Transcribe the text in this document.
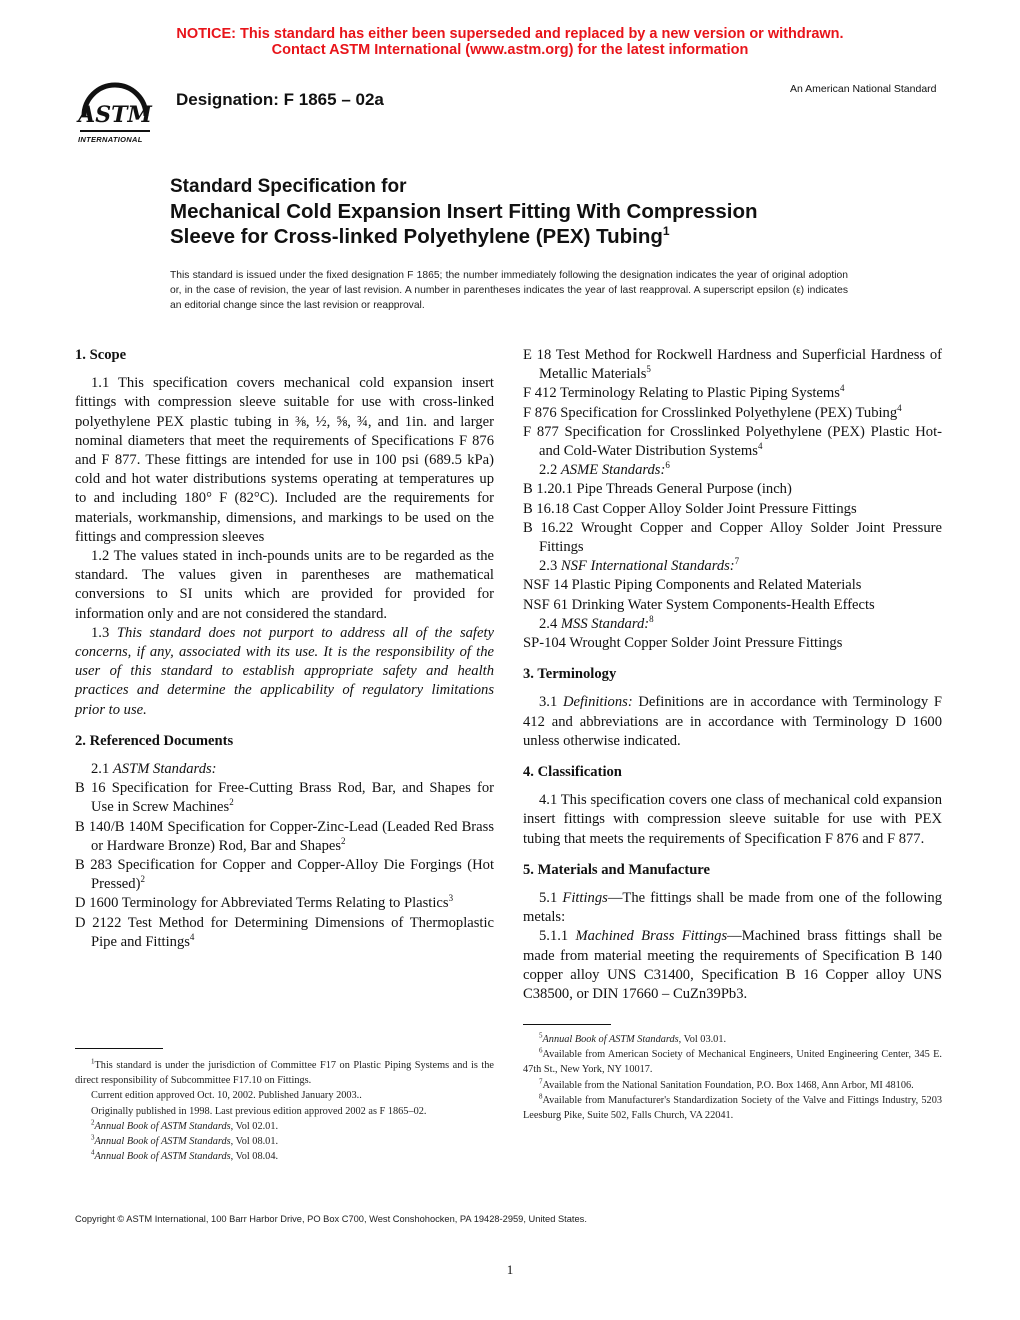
NOTICE: This standard has either been superseded and replaced by a new version or withdrawn.
Contact ASTM International (www.astm.org) for the latest information
ASTM
INTERNATIONAL
Designation: F 1865 – 02a
An American National Standard
Standard Specification for
Mechanical Cold Expansion Insert Fitting With Compression
Sleeve for Cross-linked Polyethylene (PEX) Tubing$^1$
This standard is issued under the fixed designation F 1865; the number immediately following the designation indicates the year of original adoption or, in the case of revision, the year of last revision. A number in parentheses indicates the year of last reapproval. A superscript epsilon (ε) indicates an editorial change since the last revision or reapproval.
1. Scope

1.1 This specification covers mechanical cold expansion insert fittings with compression sleeve suitable for use with cross-linked polyethylene PEX plastic tubing in ⅜, ½, ⅝, ¾, and 1in. and larger nominal diameters that meet the requirements of Specifications F 876 and F 877. These fittings are intended for use in 100 psi (689.5 kPa) cold and hot water distributions systems operating at temperatures up to and including 180° F (82°C). Included are the requirements for materials, workmanship, dimensions, and markings to be used on the fittings and compression sleeves

1.2 The values stated in inch-pounds units are to be regarded as the standard. The values given in parentheses are mathematical conversions to SI units which are provided for provided for information only and are not considered the standard.

1.3 This standard does not purport to address all of the safety concerns, if any, associated with its use. It is the responsibility of the user of this standard to establish appropriate safety and health practices and determine the applicability of regulatory limitations prior to use.

2. Referenced Documents
2.1 ASTM Standards:
B 16 Specification for Free-Cutting Brass Rod, Bar, and Shapes for Use in Screw Machines$^2$
B 140/B 140M Specification for Copper-Zinc-Lead (Leaded Red Brass or Hardware Bronze) Rod, Bar and Shapes$^2$
B 283 Specification for Copper and Copper-Alloy Die Forgings (Hot Pressed)$^2$
D 1600 Terminology for Abbreviated Terms Relating to Plastics$^3$
D 2122 Test Method for Determining Dimensions of Thermoplastic Pipe and Fittings$^4$
E 18 Test Method for Rockwell Hardness and Superficial Hardness of Metallic Materials$^5$
F 412 Terminology Relating to Plastic Piping Systems$^4$
F 876 Specification for Crosslinked Polyethylene (PEX) Tubing$^4$
F 877 Specification for Crosslinked Polyethylene (PEX) Plastic Hot- and Cold-Water Distribution Systems$^4$
2.2 ASME Standards:$^6$
B 1.20.1 Pipe Threads General Purpose (inch)
B 16.18 Cast Copper Alloy Solder Joint Pressure Fittings
B 16.22 Wrought Copper and Copper Alloy Solder Joint Pressure Fittings
2.3 NSF International Standards:$^7$
NSF 14 Plastic Piping Components and Related Materials
NSF 61 Drinking Water System Components-Health Effects
2.4 MSS Standard:$^8$
SP-104 Wrought Copper Solder Joint Pressure Fittings
3. Terminology

3.1 Definitions: Definitions are in accordance with Terminology F 412 and abbreviations are in accordance with Terminology D 1600 unless otherwise indicated.

4. Classification

4.1 This specification covers one class of mechanical cold expansion insert fittings with compression sleeve suitable for use with PEX tubing that meets the requirements of Specification F 876 and F 877.

5. Materials and Manufacture

5.1 Fittings—The fittings shall be made from one of the following metals:

5.1.1 Machined Brass Fittings—Machined brass fittings shall be made from material meeting the requirements of Specification B 140 copper alloy UNS C31400, Specification B 16 Copper alloy UNS C38500, or DIN 17660 – CuZn39Pb3.

$^1$This standard is under the jurisdiction of Committee F17 on Plastic Piping Systems and is the direct responsibility of Subcommittee F17.10 on Fittings.

Current edition approved Oct. 10, 2002. Published January 2003..

Originally published in 1998. Last previous edition approved 2002 as F 1865–02.

$^2$Annual Book of ASTM Standards, Vol 02.01.

$^3$Annual Book of ASTM Standards, Vol 08.01.

$^4$Annual Book of ASTM Standards, Vol 08.04.

$^5$Annual Book of ASTM Standards, Vol 03.01.

$^6$Available from American Society of Mechanical Engineers, United Engineering Center, 345 E. 47th St., New York, NY 10017.

$^7$Available from the National Sanitation Foundation, P.O. Box 1468, Ann Arbor, MI 48106.

$^8$Available from Manufacturer's Standardization Society of the Valve and Fittings Industry, 5203 Leesburg Pike, Suite 502, Falls Church, VA 22041.

Copyright © ASTM International, 100 Barr Harbor Drive, PO Box C700, West Conshohocken, PA 19428-2959, United States.
1
